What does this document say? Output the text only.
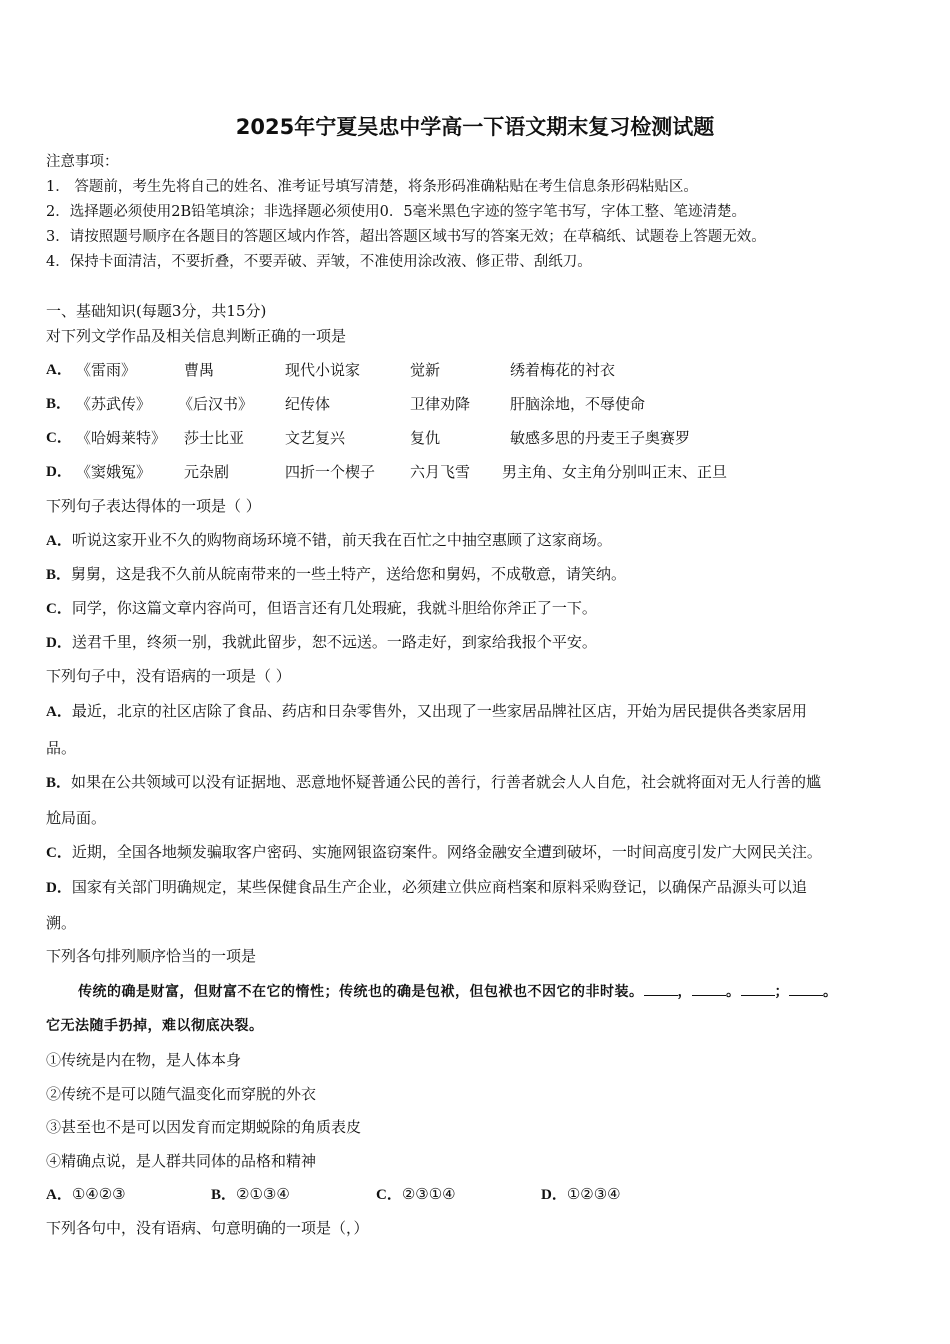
2025年宁夏吴忠中学高一下语文期末复习检测试题
注意事项：
1． 答题前，考生先将自己的姓名、准考证号填写清楚，将条形码准确粘贴在考生信息条形码粘贴区。
2．选择题必须使用2B铅笔填涂；非选择题必须使用0．5毫米黑色字迹的签字笔书写，字体工整、笔迹清楚。
3．请按照题号顺序在各题目的答题区域内作答，超出答题区域书写的答案无效；在草稿纸、试题卷上答题无效。
4．保持卡面清洁，不要折叠，不要弄破、弄皱，不准使用涂改液、修正带、刮纸刀。
一、基础知识(每题3分，共15分)
对下列文学作品及相关信息判断正确的一项是
A． 《雷雨》	曹禺	现代小说家	觉新	绣着梅花的衬衣
B． 《苏武传》 《后汉书》 纪传体	卫律劝降	肝脑涂地，不辱使命
C． 《哈姆莱特》 莎士比亚	文艺复兴	复仇	敏感多思的丹麦王子奥赛罗
D． 《窦娥冤》 元杂剧	四折一个楔子 六月飞雪 男主角、女主角分别叫正末、正旦
下列句子表达得体的一项是（ ）
A．听说这家开业不久的购物商场环境不错，前天我在百忙之中抽空惠顾了这家商场。
B．舅舅，这是我不久前从皖南带来的一些土特产，送给您和舅妈，不成敬意，请笑纳。
C．同学，你这篇文章内容尚可，但语言还有几处瑕疵，我就斗胆给你斧正了一下。
D．送君千里，终须一别，我就此留步，恕不远送。一路走好，到家给我报个平安。
下列句子中，没有语病的一项是（ ）
A．最近，北京的社区店除了食品、药店和日杂零售外，又出现了一些家居品牌社区店，开始为居民提供各类家居用
品。
B．如果在公共领域可以没有证据地、恶意地怀疑普通公民的善行，行善者就会人人自危，社会就将面对无人行善的尴
尬局面。
C．近期，全国各地频发骗取客户密码、实施网银盗窃案件。网络金融安全遭到破坏，一时间高度引发广大网民关注。
D．国家有关部门明确规定，某些保健食品生产企业，必须建立供应商档案和原料采购登记，以确保产品源头可以追
溯。
下列各句排列顺序恰当的一项是
传统的确是财富，但财富不在它的惰性；传统也的确是包袱，但包袱也不因它的非时装。 ， 。 ； 。
它无法随手扔掉，难以彻底决裂。
①传统是内在物，是人体本身
②传统不是可以随气温变化而穿脱的外衣
③甚至也不是可以因发育而定期蜕除的角质表皮
④精确点说，是人群共同体的品格和精神
A．①④②③	B．②①③④	C．②③①④	D．①②③④
下列各句中，没有语病、句意明确的一项是（，）
